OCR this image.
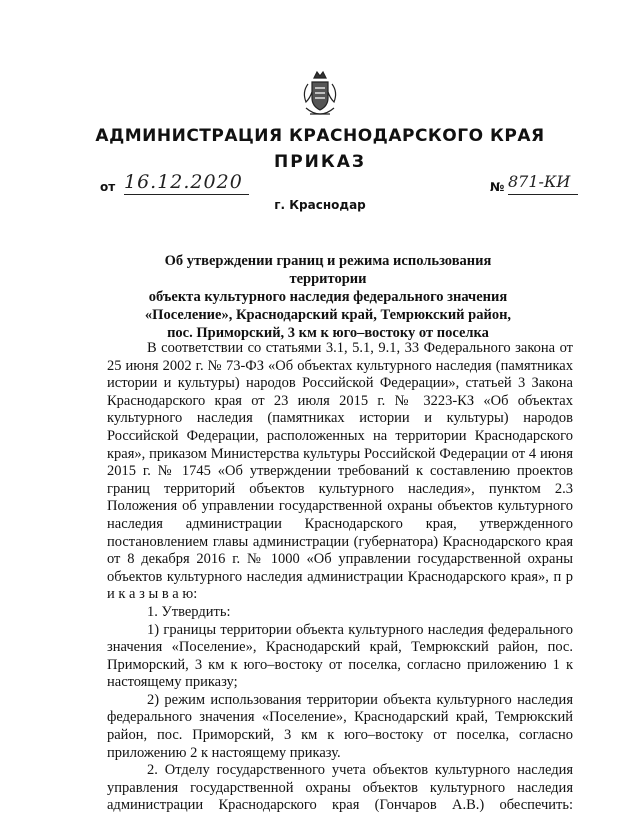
АДМИНИСТРАЦИЯ КРАСНОДАРСКОГО КРАЯ
ПРИКАЗ
от 16.12.2020	№ 871-КИ
г. Краснодар
Об утверждении границ и режима использования территории
объекта культурного наследия федерального значения
«Поселение», Краснодарский край, Темрюкский район,
пос. Приморский, 3 км к юго–востоку от поселка

В соответствии со статьями 3.1, 5.1, 9.1, 33 Федерального закона от 25 июня 2002 г. № 73-ФЗ «Об объектах культурного наследия (памятниках истории и культуры) народов Российской Федерации», статьей 3 Закона Краснодарского края от 23 июля 2015 г. № 3223-КЗ «Об объектах культурного наследия (памятниках истории и культуры) народов Российской Федерации, расположенных на территории Краснодарского края», приказом Министерства культуры Российской Федерации от 4 июня 2015 г. № 1745 «Об утверждении требований к составлению проектов границ территорий объектов культурного наследия», пунктом 2.3 Положения об управлении государственной охраны объектов культурного наследия администрации Краснодарского края, утвержденного постановлением главы администрации (губернатора) Краснодарского края от 8 декабря 2016 г. № 1000 «Об управлении государственной охраны объектов культурного наследия администрации Краснодарского края», п р и к а з ы в а ю:

1. Утвердить:

1) границы территории объекта культурного наследия федерального значения «Поселение», Краснодарский край, Темрюкский район, пос. Приморский, 3 км к юго–востоку от поселка, согласно приложению 1 к настоящему приказу;

2) режим использования территории объекта культурного наследия федерального значения «Поселение», Краснодарский край, Темрюкский район, пос. Приморский, 3 км к юго–востоку от поселка, согласно приложению 2 к настоящему приказу.

2. Отделу государственного учета объектов культурного наследия управления государственной охраны объектов культурного наследия администрации Краснодарского края (Гончаров А.В.) обеспечить:
